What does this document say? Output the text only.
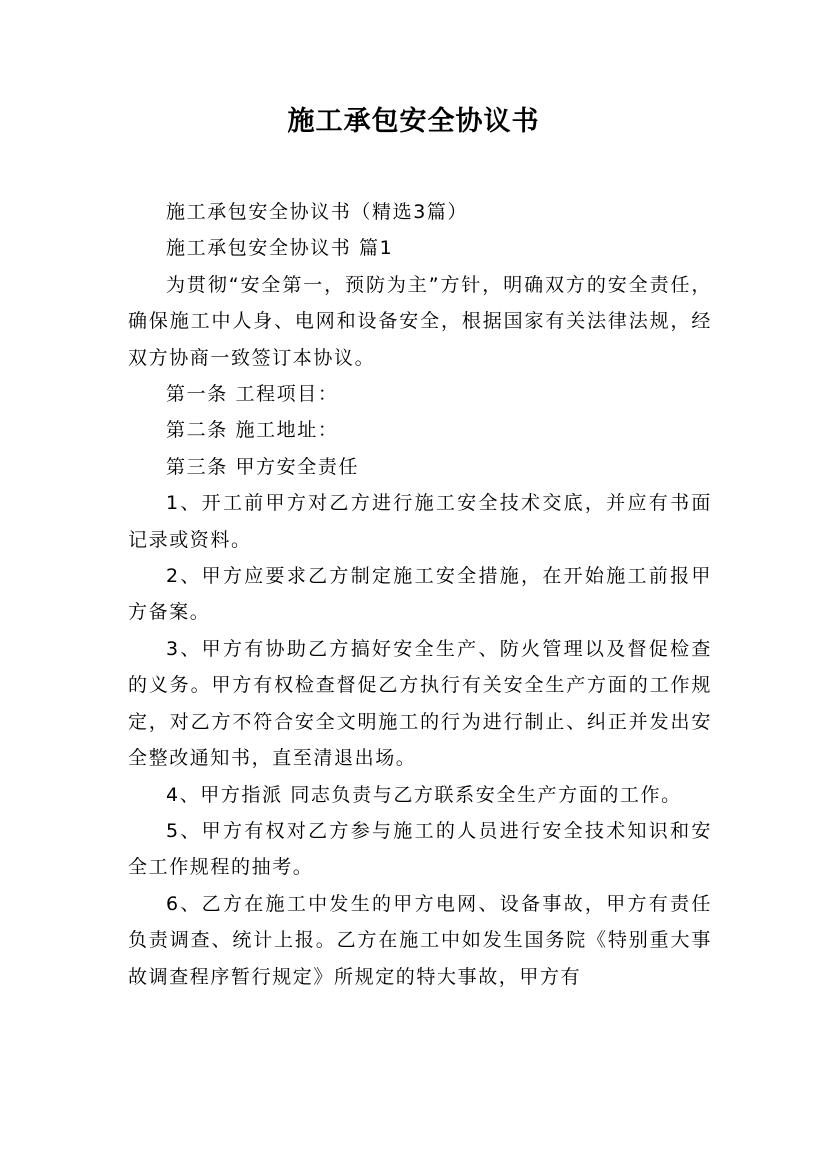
施工承包安全协议书

施工承包安全协议书（精选3篇）

施工承包安全协议书 篇1

为贯彻“安全第一，预防为主”方针，明确双方的安全责任，确保施工中人身、电网和设备安全，根据国家有关法律法规，经双方协商一致签订本协议。

第一条 工程项目：

第二条 施工地址：

第三条 甲方安全责任

1、开工前甲方对乙方进行施工安全技术交底，并应有书面记录或资料。

2、甲方应要求乙方制定施工安全措施，在开始施工前报甲方备案。

3、甲方有协助乙方搞好安全生产、防火管理以及督促检查的义务。甲方有权检查督促乙方执行有关安全生产方面的工作规定，对乙方不符合安全文明施工的行为进行制止、纠正并发出安全整改通知书，直至清退出场。

4、甲方指派 同志负责与乙方联系安全生产方面的工作。

5、甲方有权对乙方参与施工的人员进行安全技术知识和安全工作规程的抽考。

6、乙方在施工中发生的甲方电网、设备事故，甲方有责任负责调查、统计上报。乙方在施工中如发生国务院《特别重大事故调查程序暂行规定》所规定的特大事故，甲方有
